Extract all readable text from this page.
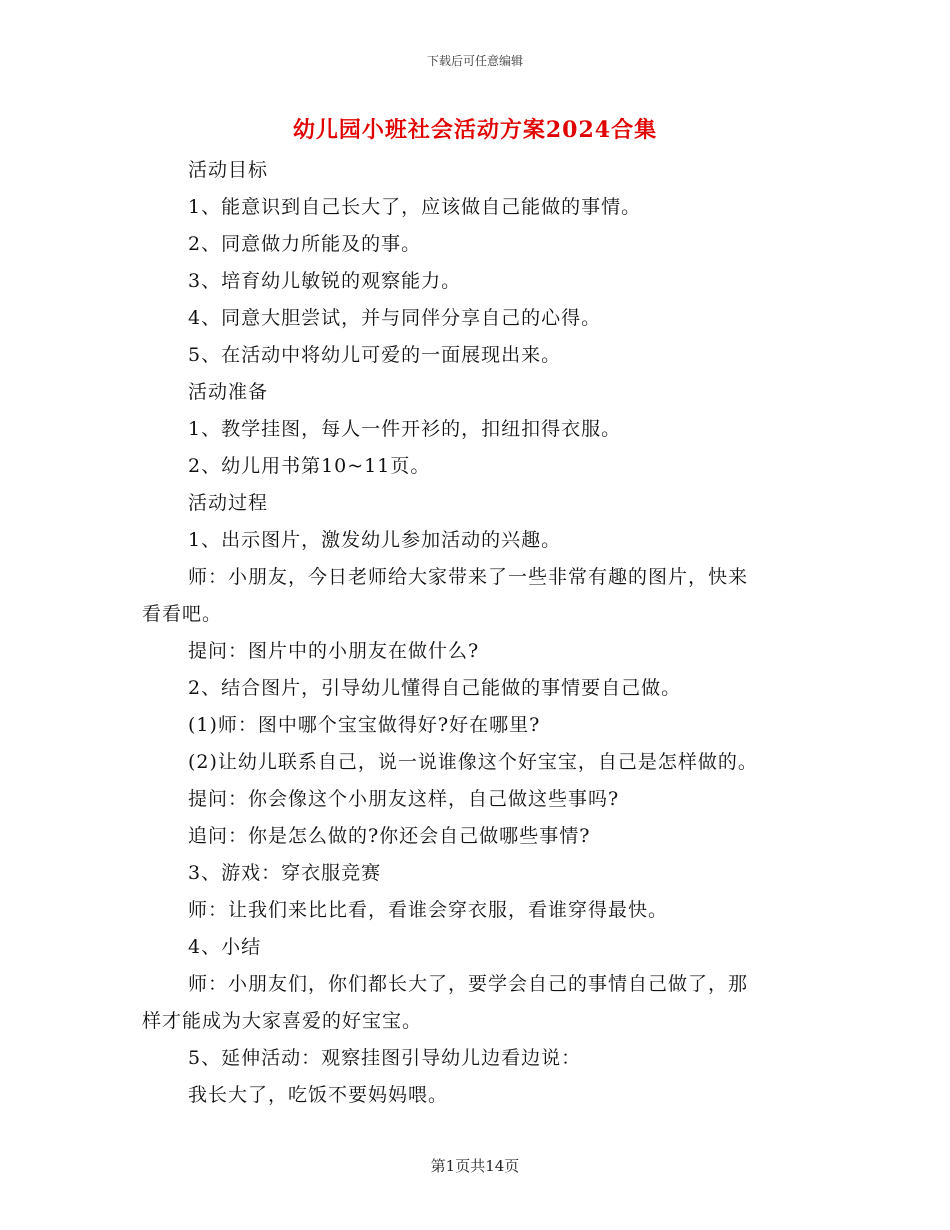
下载后可任意编辑
幼儿园小班社会活动方案2024合集
活动目标
1、能意识到自己长大了，应该做自己能做的事情。
2、同意做力所能及的事。
3、培育幼儿敏锐的观察能力。
4、同意大胆尝试，并与同伴分享自己的心得。
5、在活动中将幼儿可爱的一面展现出来。
活动准备
1、教学挂图，每人一件开衫的，扣纽扣得衣服。
2、幼儿用书第10~11页。
活动过程
1、出示图片，激发幼儿参加活动的兴趣。
师：小朋友，今日老师给大家带来了一些非常有趣的图片，快来
看看吧。
提问：图片中的小朋友在做什么?
2、结合图片，引导幼儿懂得自己能做的事情要自己做。
(1)师：图中哪个宝宝做得好?好在哪里?
(2)让幼儿联系自己，说一说谁像这个好宝宝，自己是怎样做的。
提问：你会像这个小朋友这样，自己做这些事吗?
追问：你是怎么做的?你还会自己做哪些事情?
3、游戏：穿衣服竞赛
师：让我们来比比看，看谁会穿衣服，看谁穿得最快。
4、小结
师：小朋友们，你们都长大了，要学会自己的事情自己做了，那
样才能成为大家喜爱的好宝宝。
5、延伸活动：观察挂图引导幼儿边看边说：
我长大了，吃饭不要妈妈喂。
第1页共14页
